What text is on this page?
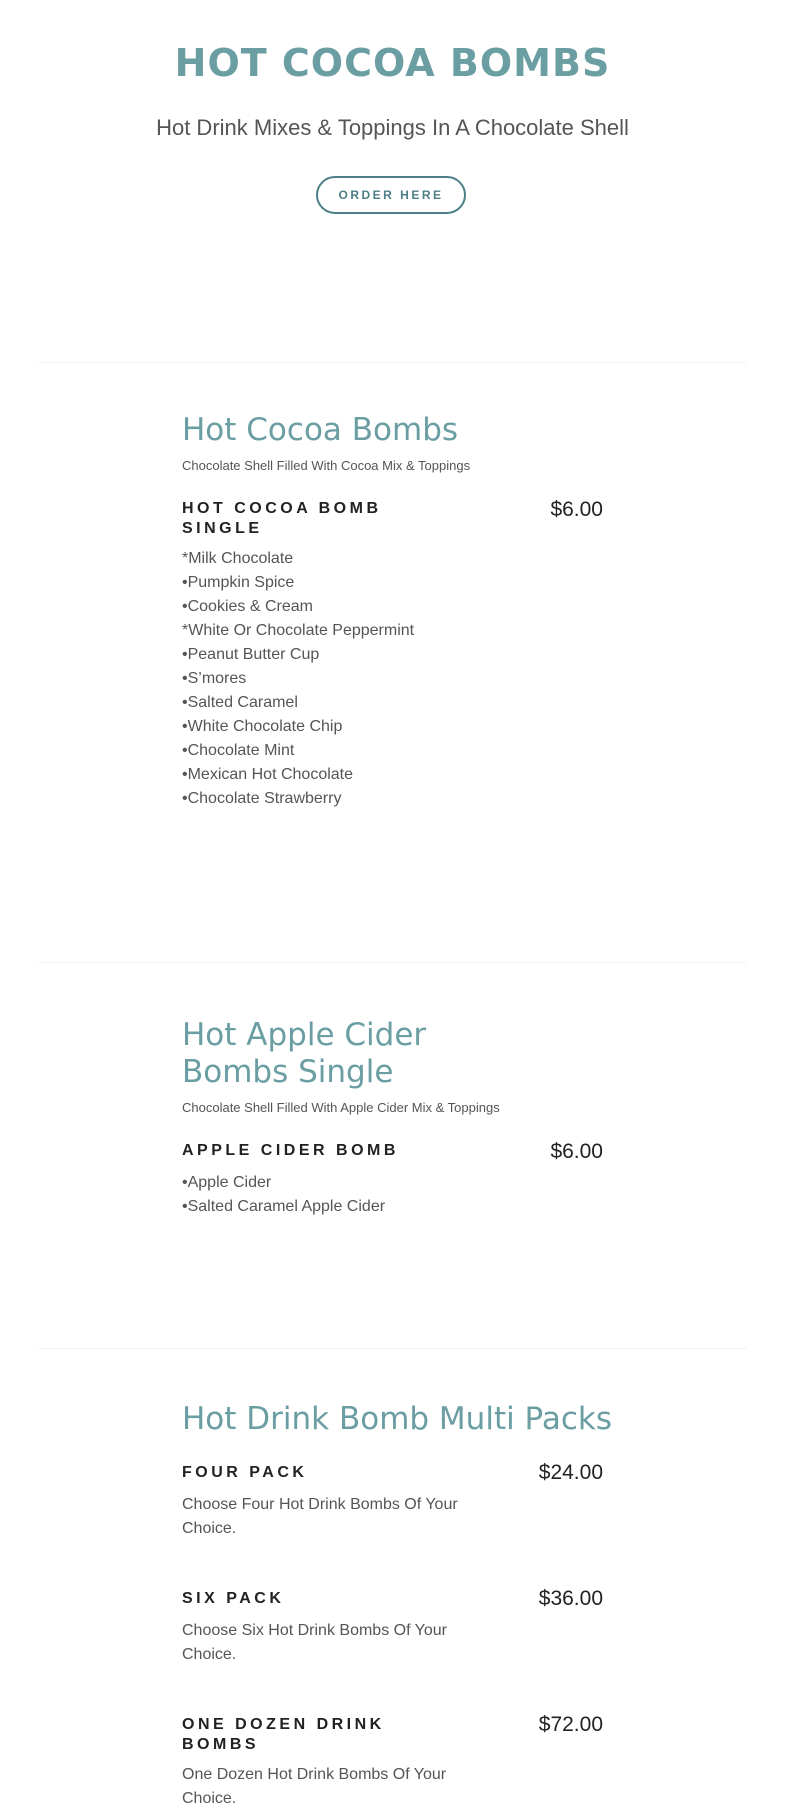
HOT COCOA BOMBS
Hot Drink Mixes & Toppings In A Chocolate Shell
ORDER HERE
Hot Cocoa Bombs
Chocolate Shell Filled With Cocoa Mix & Toppings
HOT COCOA BOMB SINGLE
$6.00
*Milk Chocolate
•Pumpkin Spice
•Cookies & Cream
*White Or Chocolate Peppermint
•Peanut Butter Cup
•S’mores
•Salted Caramel
•White Chocolate Chip
•Chocolate Mint
•Mexican Hot Chocolate
•Chocolate Strawberry
Hot Apple Cider Bombs Single
Chocolate Shell Filled With Apple Cider Mix & Toppings
APPLE CIDER BOMB	$6.00
•Apple Cider
•Salted Caramel Apple Cider
Hot Drink Bomb Multi Packs
FOUR PACK	$24.00
Choose Four Hot Drink Bombs Of Your Choice.
SIX PACK	$36.00
Choose Six Hot Drink Bombs Of Your Choice.
ONE DOZEN DRINK BOMBS
$72.00
One Dozen Hot Drink Bombs Of Your Choice.
